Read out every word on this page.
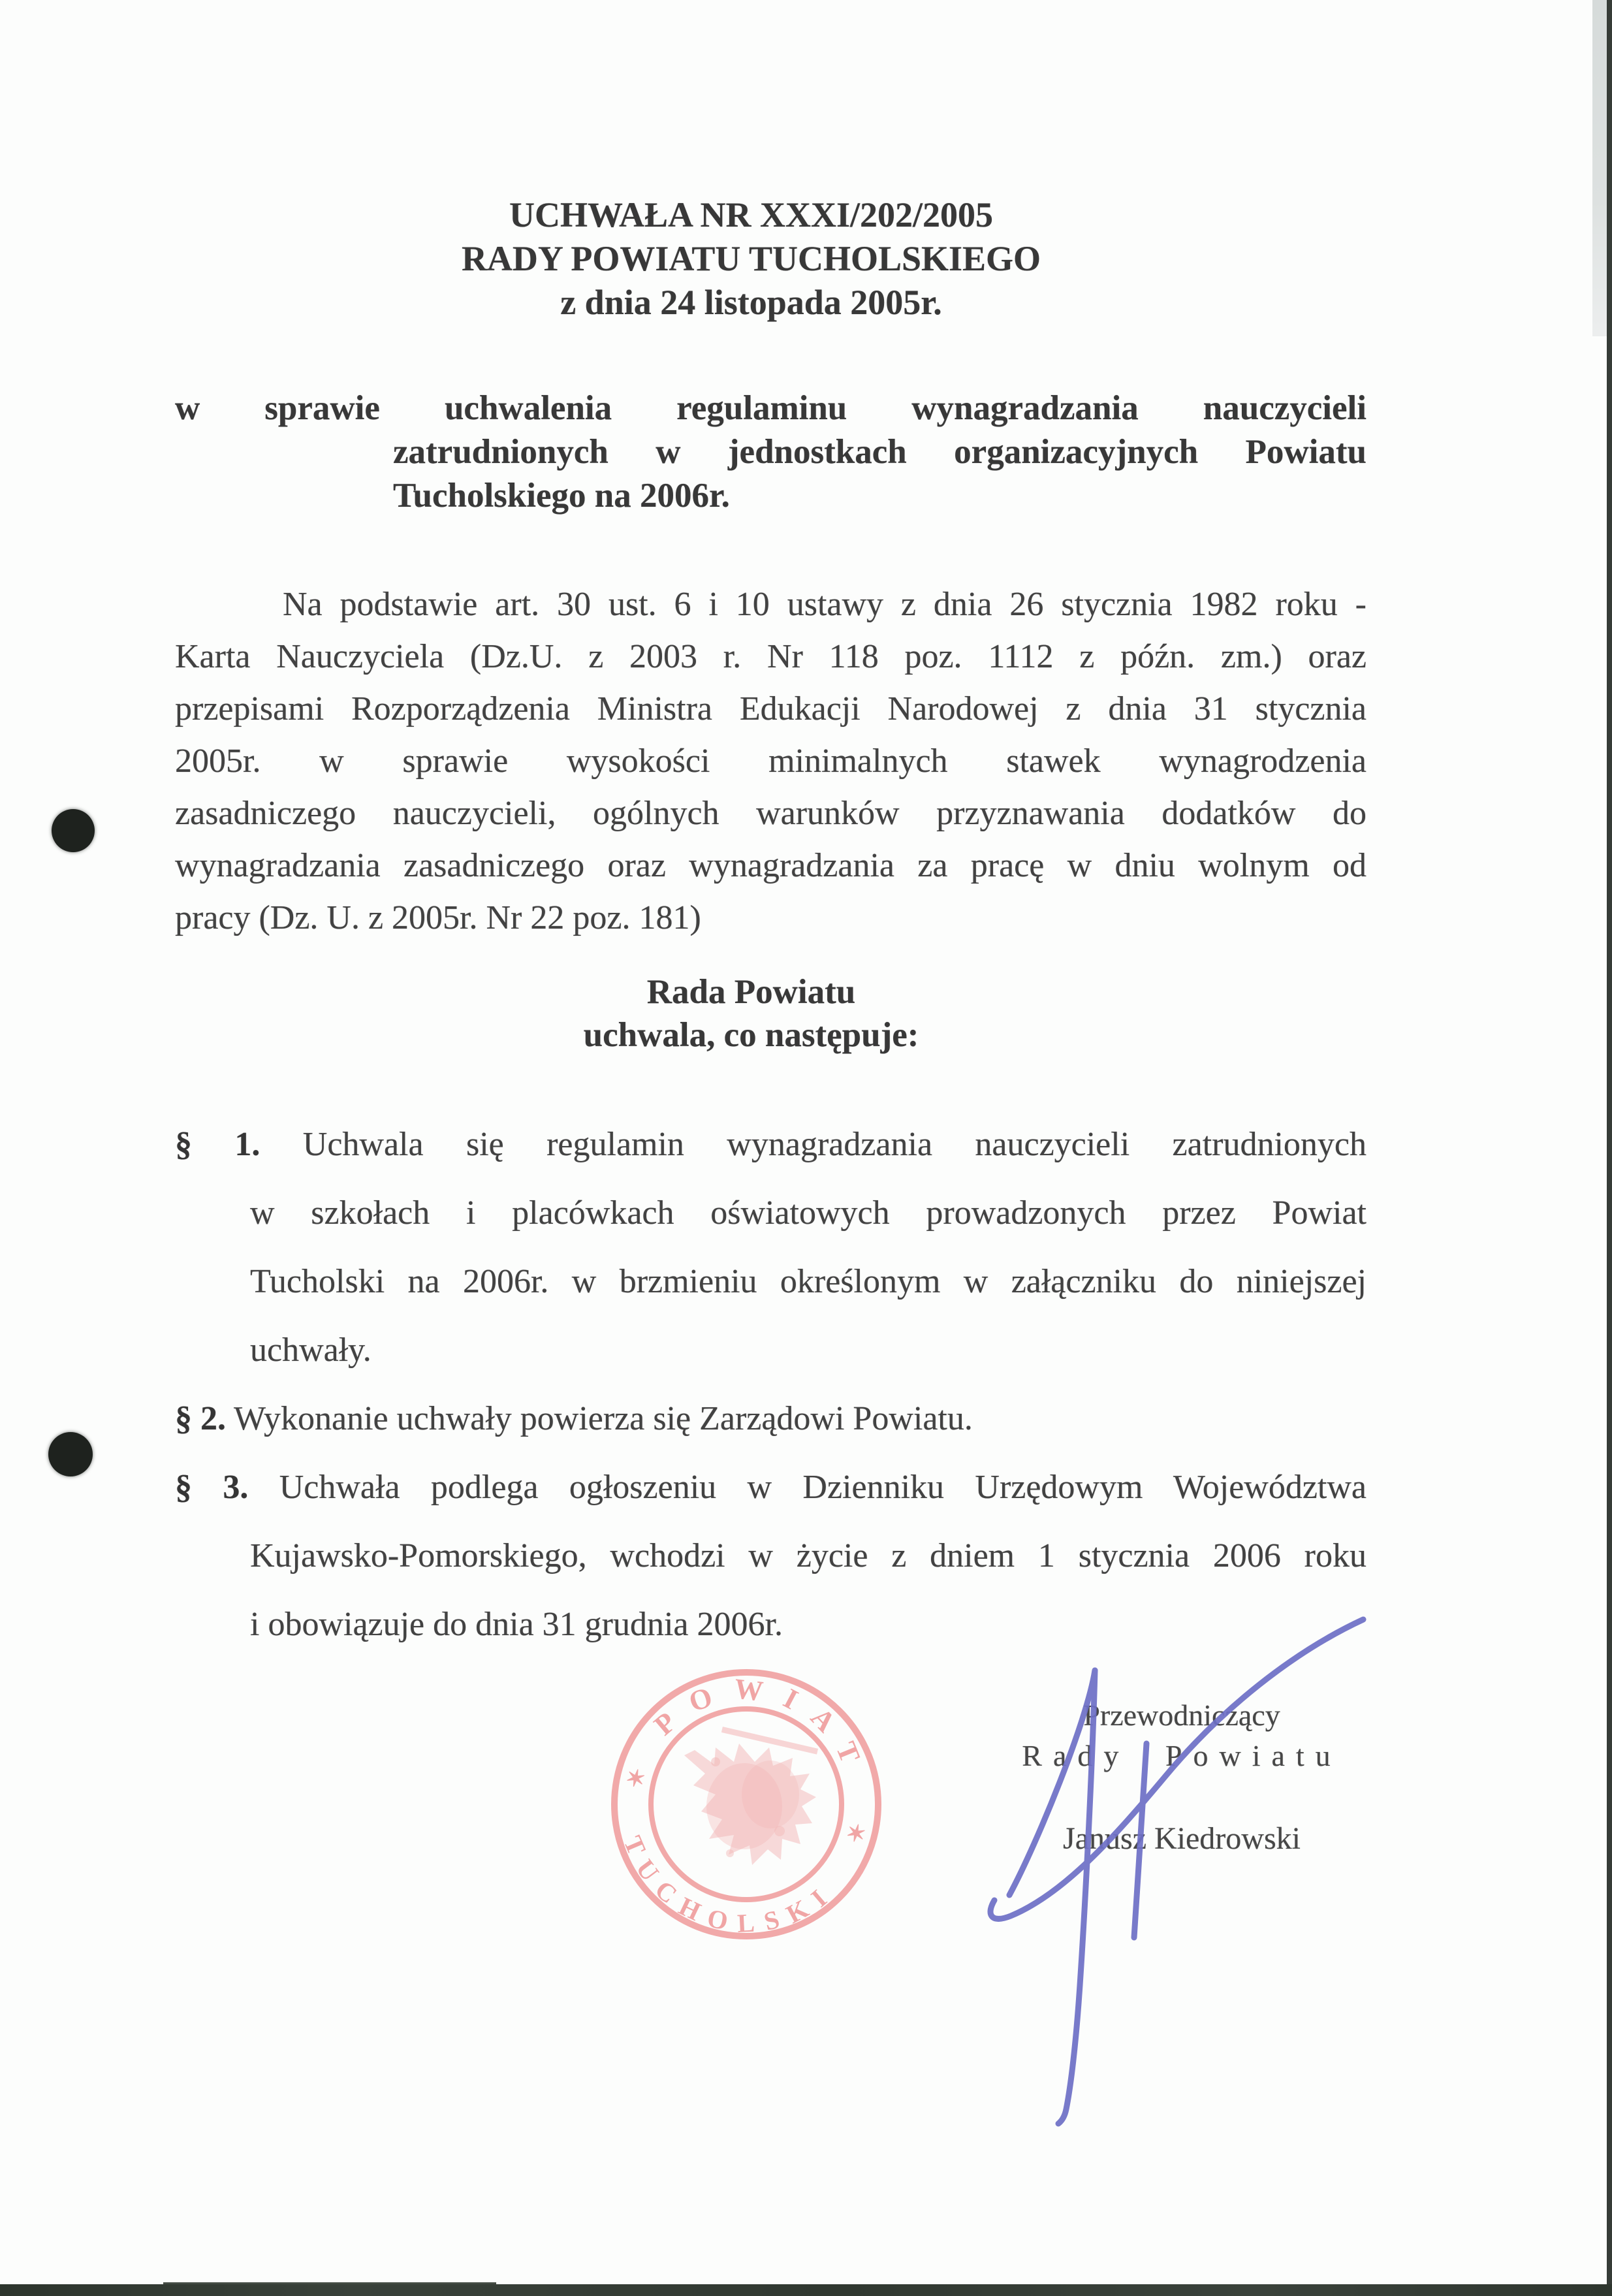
UCHWAŁA NR XXXI/202/2005
RADY POWIATU TUCHOLSKIEGO
z dnia 24 listopada 2005r.
w sprawie uchwalenia regulaminu wynagradzania nauczycieli
zatrudnionych w jednostkach organizacyjnych Powiatu
Tucholskiego na 2006r.
Na podstawie art. 30 ust. 6 i 10 ustawy z dnia 26 stycznia 1982 roku -
Karta Nauczyciela (Dz.U. z 2003 r. Nr 118 poz. 1112 z późn. zm.) oraz
przepisami Rozporządzenia Ministra Edukacji Narodowej z dnia 31 stycznia
2005r. w sprawie wysokości minimalnych stawek wynagrodzenia
zasadniczego nauczycieli, ogólnych warunków przyznawania dodatków do
wynagradzania zasadniczego oraz wynagradzania za pracę w dniu wolnym od
pracy (Dz. U. z 2005r. Nr 22 poz. 181)
Rada Powiatu
uchwala, co następuje:
§ 1. Uchwala się regulamin wynagradzania nauczycieli zatrudnionych
w szkołach i placówkach oświatowych prowadzonych przez Powiat
Tucholski na 2006r. w brzmieniu określonym w załączniku do niniejszej
uchwały.
§ 2. Wykonanie uchwały powierza się Zarządowi Powiatu.
§ 3. Uchwała podlega ogłoszeniu w Dzienniku Urzędowym Województwa
Kujawsko-Pomorskiego, wchodzi w życie z dniem 1 stycznia 2006 roku
i obowiązuje do dnia 31 grudnia 2006r.
POWIAT
TUCHOLSKI
✶
✶
Przewodniczący
Rady Powiatu
Janusz Kiedrowski
